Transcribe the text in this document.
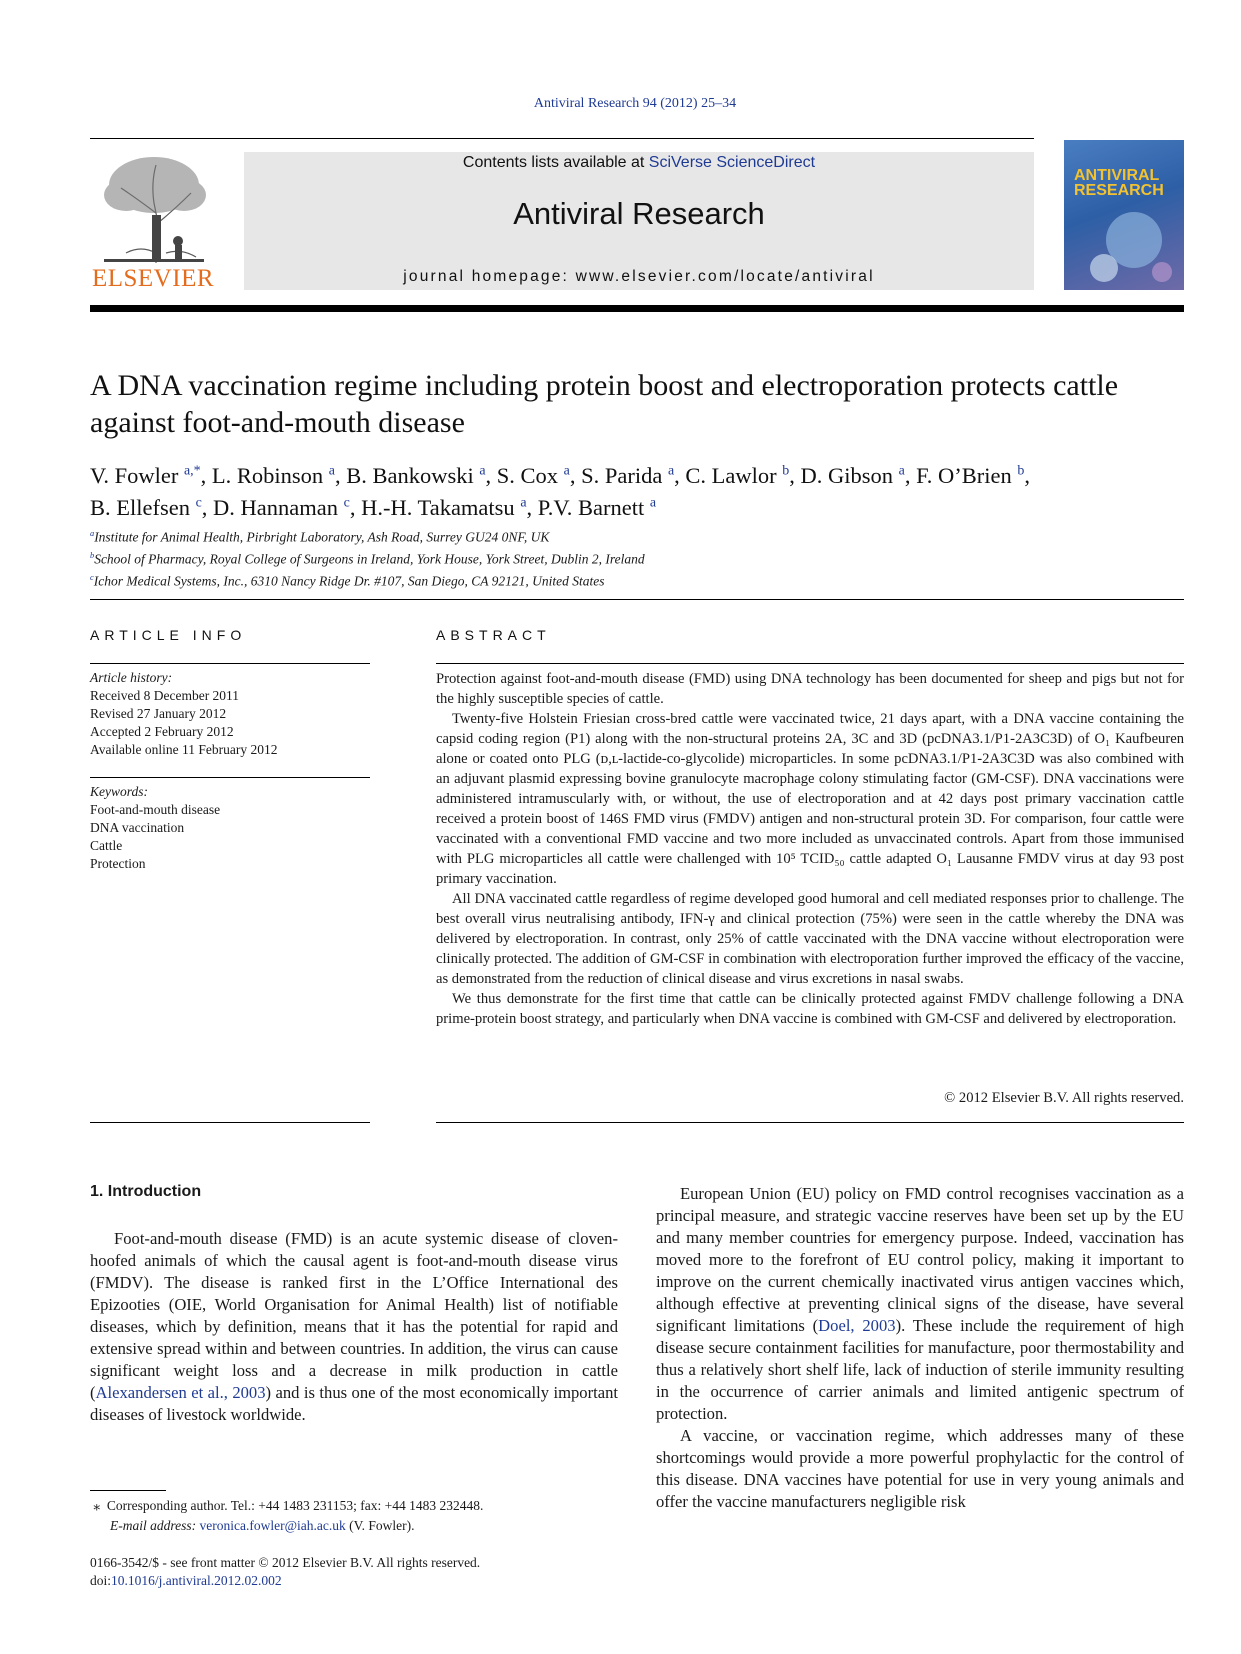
Antiviral Research 94 (2012) 25–34
ELSEVIER
Contents lists available at SciVerse ScienceDirect
Antiviral Research
journal homepage: www.elsevier.com/locate/antiviral
ANTIVIRAL RESEARCH
A DNA vaccination regime including protein boost and electroporation protects cattle against foot-and-mouth disease
V. Fowler $^{a,*}$, L. Robinson $^a$, B. Bankowski $^a$, S. Cox $^a$, S. Parida $^a$, C. Lawlor $^b$, D. Gibson $^a$, F. O’Brien $^b$,
B. Ellefsen $^c$, D. Hannaman $^c$, H.-H. Takamatsu $^a$, P.V. Barnett $^a$
$^a$Institute for Animal Health, Pirbright Laboratory, Ash Road, Surrey GU24 0NF, UK
$^b$School of Pharmacy, Royal College of Surgeons in Ireland, York House, York Street, Dublin 2, Ireland
$^c$Ichor Medical Systems, Inc., 6310 Nancy Ridge Dr. #107, San Diego, CA 92121, United States
ARTICLE INFO
Article history:
Received 8 December 2011
Revised 27 January 2012
Accepted 2 February 2012
Available online 11 February 2012
Keywords:
Foot-and-mouth disease
DNA vaccination
Cattle
Protection
ABSTRACT

Protection against foot-and-mouth disease (FMD) using DNA technology has been documented for sheep and pigs but not for the highly susceptible species of cattle.

Twenty-five Holstein Friesian cross-bred cattle were vaccinated twice, 21 days apart, with a DNA vaccine containing the capsid coding region (P1) along with the non-structural proteins 2A, 3C and 3D (pcDNA3.1/P1-2A3C3D) of O₁ Kaufbeuren alone or coated onto PLG (ᴅ,ʟ-lactide-co-glycolide) microparticles. In some pcDNA3.1/P1-2A3C3D was also combined with an adjuvant plasmid expressing bovine granulocyte macrophage colony stimulating factor (GM-CSF). DNA vaccinations were administered intramuscularly with, or without, the use of electroporation and at 42 days post primary vaccination cattle received a protein boost of 146S FMD virus (FMDV) antigen and non-structural protein 3D. For comparison, four cattle were vaccinated with a conventional FMD vaccine and two more included as unvaccinated controls. Apart from those immunised with PLG microparticles all cattle were challenged with 10⁵ TCID₅₀ cattle adapted O₁ Lausanne FMDV virus at day 93 post primary vaccination.

All DNA vaccinated cattle regardless of regime developed good humoral and cell mediated responses prior to challenge. The best overall virus neutralising antibody, IFN-γ and clinical protection (75%) were seen in the cattle whereby the DNA was delivered by electroporation. In contrast, only 25% of cattle vaccinated with the DNA vaccine without electroporation were clinically protected. The addition of GM-CSF in combination with electroporation further improved the efficacy of the vaccine, as demonstrated from the reduction of clinical disease and virus excretions in nasal swabs.

We thus demonstrate for the first time that cattle can be clinically protected against FMDV challenge following a DNA prime-protein boost strategy, and particularly when DNA vaccine is combined with GM-CSF and delivered by electroporation.

© 2012 Elsevier B.V. All rights reserved.
1. Introduction

Foot-and-mouth disease (FMD) is an acute systemic disease of cloven-hoofed animals of which the causal agent is foot-and-mouth disease virus (FMDV). The disease is ranked first in the L’Office International des Epizooties (OIE, World Organisation for Animal Health) list of notifiable diseases, which by definition, means that it has the potential for rapid and extensive spread within and between countries. In addition, the virus can cause significant weight loss and a decrease in milk production in cattle (Alexandersen et al., 2003) and is thus one of the most economically important diseases of livestock worldwide.

European Union (EU) policy on FMD control recognises vaccination as a principal measure, and strategic vaccine reserves have been set up by the EU and many member countries for emergency purpose. Indeed, vaccination has moved more to the forefront of EU control policy, making it important to improve on the current chemically inactivated virus antigen vaccines which, although effective at preventing clinical signs of the disease, have several significant limitations (Doel, 2003). These include the requirement of high disease secure containment facilities for manufacture, poor thermostability and thus a relatively short shelf life, lack of induction of sterile immunity resulting in the occurrence of carrier animals and limited antigenic spectrum of protection.

A vaccine, or vaccination regime, which addresses many of these shortcomings would provide a more powerful prophylactic for the control of this disease. DNA vaccines have potential for use in very young animals and offer the vaccine manufacturers negligible risk

⁎ Corresponding author. Tel.: +44 1483 231153; fax: +44 1483 232448.
E-mail address: veronica.fowler@iah.ac.uk (V. Fowler).
0166-3542/$ - see front matter © 2012 Elsevier B.V. All rights reserved.
doi:10.1016/j.antiviral.2012.02.002
